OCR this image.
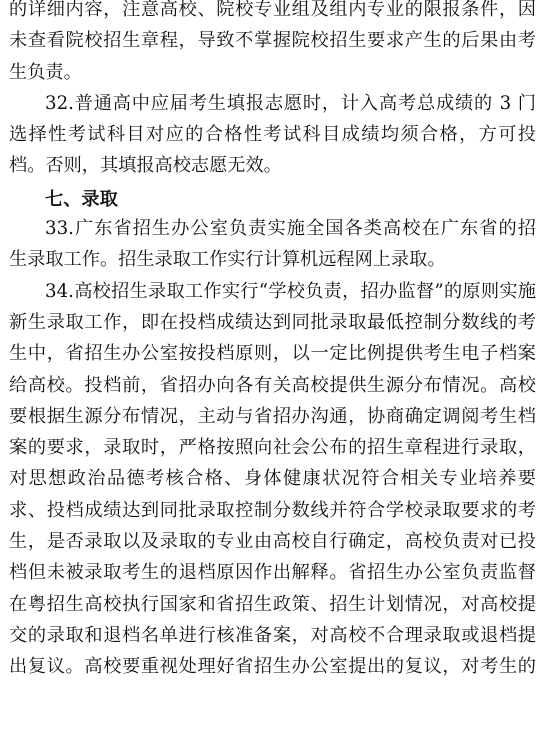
的详细内容，注意高校、院校专业组及组内专业的限报条件，因
未查看院校招生章程，导致不掌握院校招生要求产生的后果由考
生负责。
32.普通高中应届考生填报志愿时，计入高考总成绩的 3 门
选择性考试科目对应的合格性考试科目成绩均须合格，方可投
档。否则，其填报高校志愿无效。
七、录取
33.广东省招生办公室负责实施全国各类高校在广东省的招
生录取工作。招生录取工作实行计算机远程网上录取。
34.高校招生录取工作实行“学校负责，招办监督”的原则实施
新生录取工作，即在投档成绩达到同批录取最低控制分数线的考
生中，省招生办公室按投档原则，以一定比例提供考生电子档案
给高校。投档前，省招办向各有关高校提供生源分布情况。高校
要根据生源分布情况，主动与省招办沟通，协商确定调阅考生档
案的要求，录取时，严格按照向社会公布的招生章程进行录取，
对思想政治品德考核合格、身体健康状况符合相关专业培养要
求、投档成绩达到同批录取控制分数线并符合学校录取要求的考
生，是否录取以及录取的专业由高校自行确定，高校负责对已投
档但未被录取考生的退档原因作出解释。省招生办公室负责监督
在粤招生高校执行国家和省招生政策、招生计划情况，对高校提
交的录取和退档名单进行核准备案，对高校不合理录取或退档提
出复议。高校要重视处理好省招生办公室提出的复议，对考生的
